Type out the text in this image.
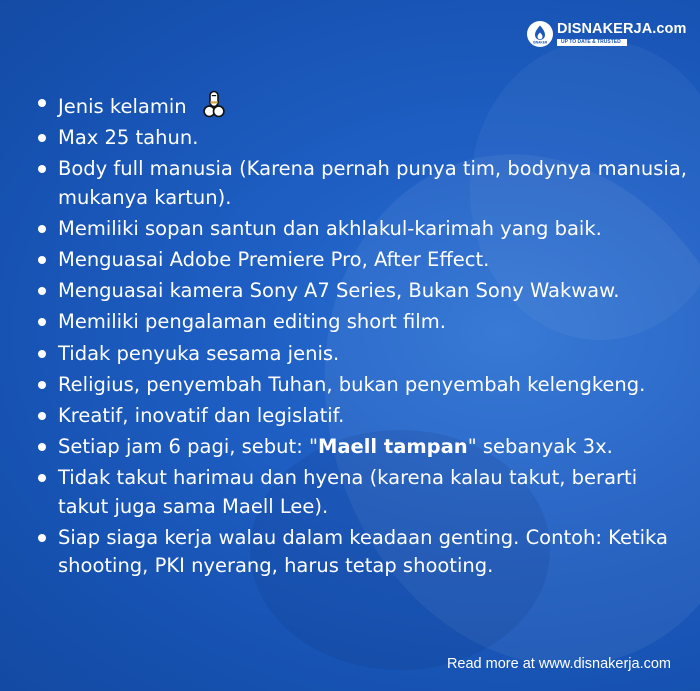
ISNAKER
DISNAKERJA.com
UP TO DATE & TRUSTED
Jenis kelamin
Max 25 tahun.
Body full manusia (Karena pernah punya tim, bodynya manusia, mukanya kartun).
Memiliki sopan santun dan akhlakul-karimah yang baik.
Menguasai Adobe Premiere Pro, After Effect.
Menguasai kamera Sony A7 Series, Bukan Sony Wakwaw.
Memiliki pengalaman editing short film.
Tidak penyuka sesama jenis.
Religius, penyembah Tuhan, bukan penyembah kelengkeng.
Kreatif, inovatif dan legislatif.
Setiap jam 6 pagi, sebut: "Maell tampan" sebanyak 3x.
Tidak takut harimau dan hyena (karena kalau takut, berarti takut juga sama Maell Lee).
Siap siaga kerja walau dalam keadaan genting. Contoh: Ketika shooting, PKI nyerang, harus tetap shooting.
Read more at www.disnakerja.com
